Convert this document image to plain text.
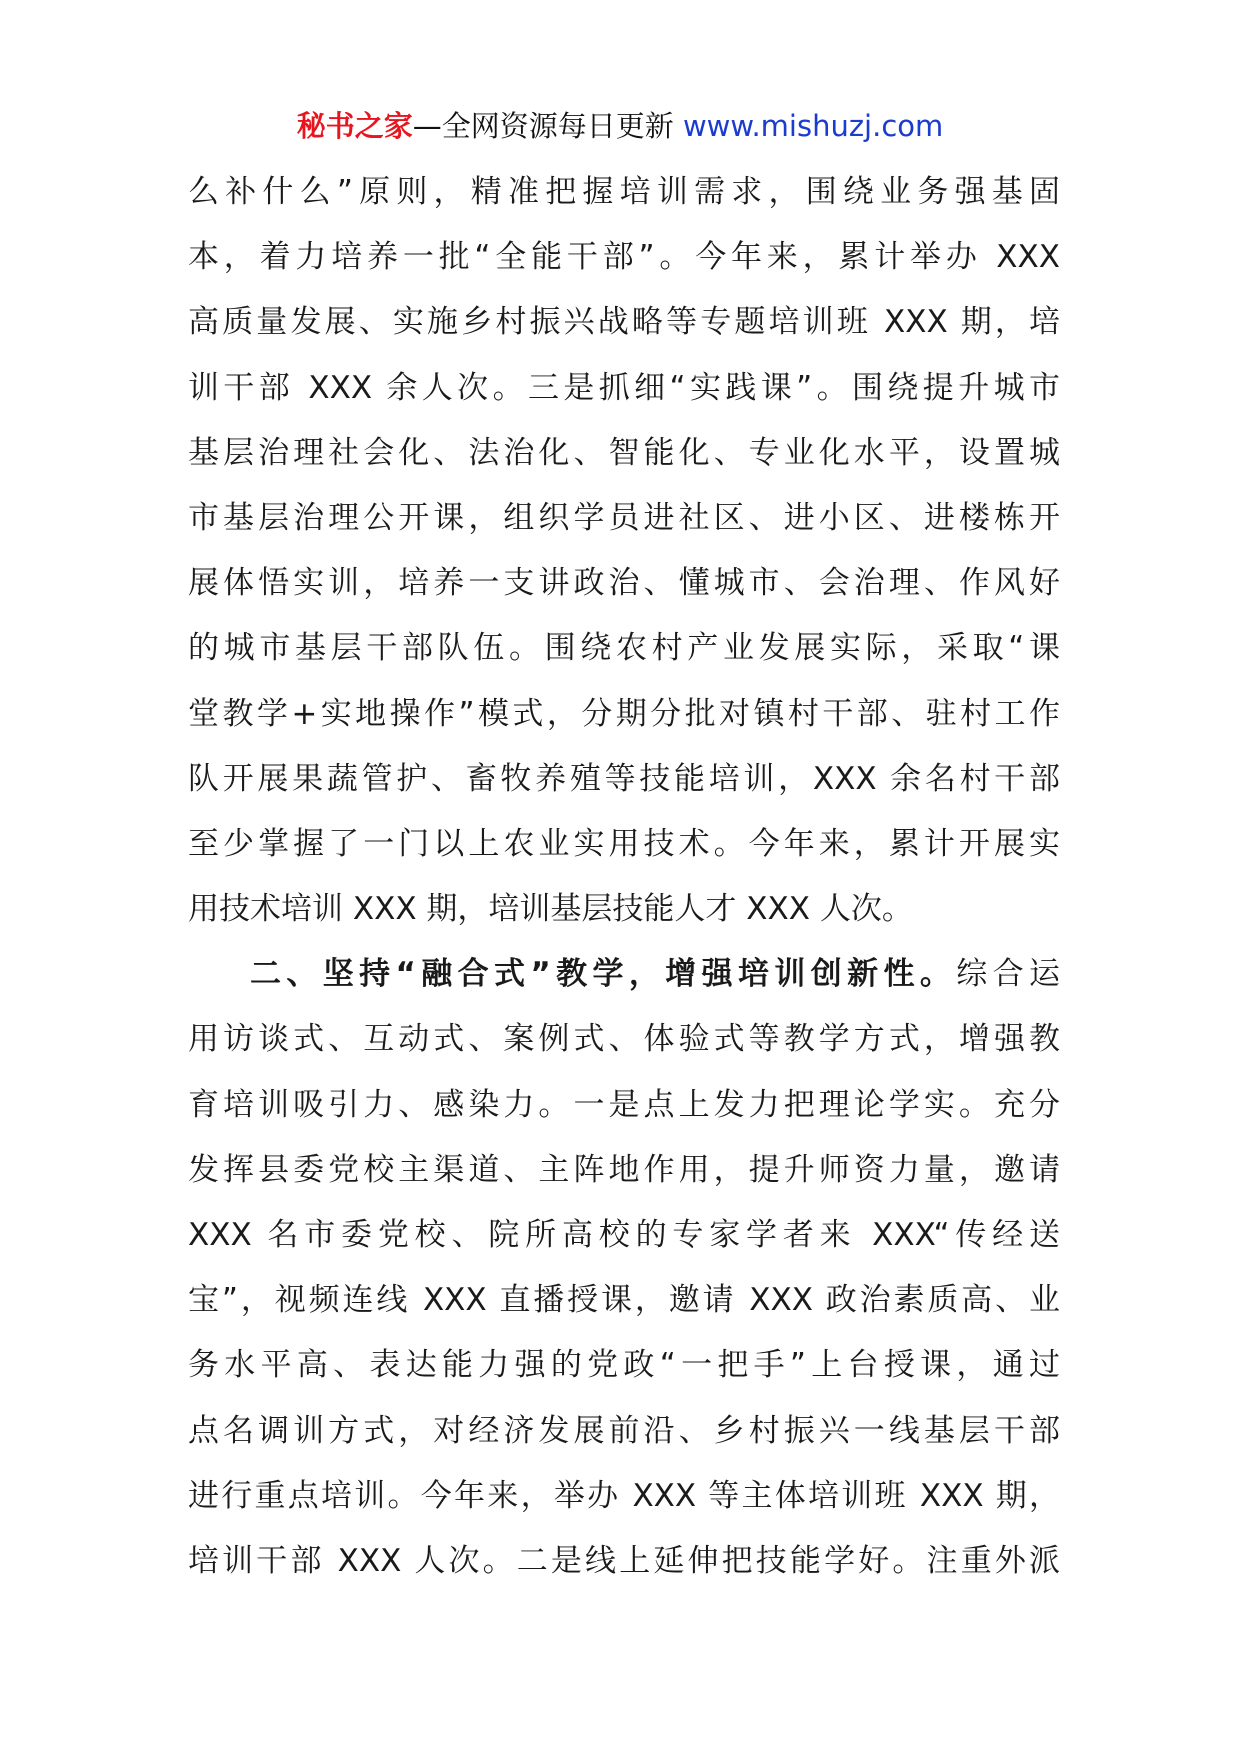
秘书之家—全网资源每日更新 www.mishuzj.com
么补什么”原则，精准把握培训需求，围绕业务强基固
本，着力培养一批“全能干部”。今年来，累计举办 XXX
高质量发展、实施乡村振兴战略等专题培训班 XXX 期，培
训干部 XXX 余人次。三是抓细“实践课”。围绕提升城市
基层治理社会化、法治化、智能化、专业化水平，设置城
市基层治理公开课，组织学员进社区、进小区、进楼栋开
展体悟实训，培养一支讲政治、懂城市、会治理、作风好
的城市基层干部队伍。围绕农村产业发展实际，采取“课
堂教学+实地操作”模式，分期分批对镇村干部、驻村工作
队开展果蔬管护、畜牧养殖等技能培训，XXX 余名村干部
至少掌握了一门以上农业实用技术。今年来，累计开展实
用技术培训 XXX 期，培训基层技能人才 XXX 人次。
二、坚持“融合式”教学，增强培训创新性。综合运
用访谈式、互动式、案例式、体验式等教学方式，增强教
育培训吸引力、感染力。一是点上发力把理论学实。充分
发挥县委党校主渠道、主阵地作用，提升师资力量，邀请
XXX 名市委党校、院所高校的专家学者来 XXX“传经送
宝”，视频连线 XXX 直播授课，邀请 XXX 政治素质高、业
务水平高、表达能力强的党政“一把手”上台授课，通过
点名调训方式，对经济发展前沿、乡村振兴一线基层干部
进行重点培训。今年来，举办 XXX 等主体培训班 XXX 期，
培训干部 XXX 人次。二是线上延伸把技能学好。注重外派
